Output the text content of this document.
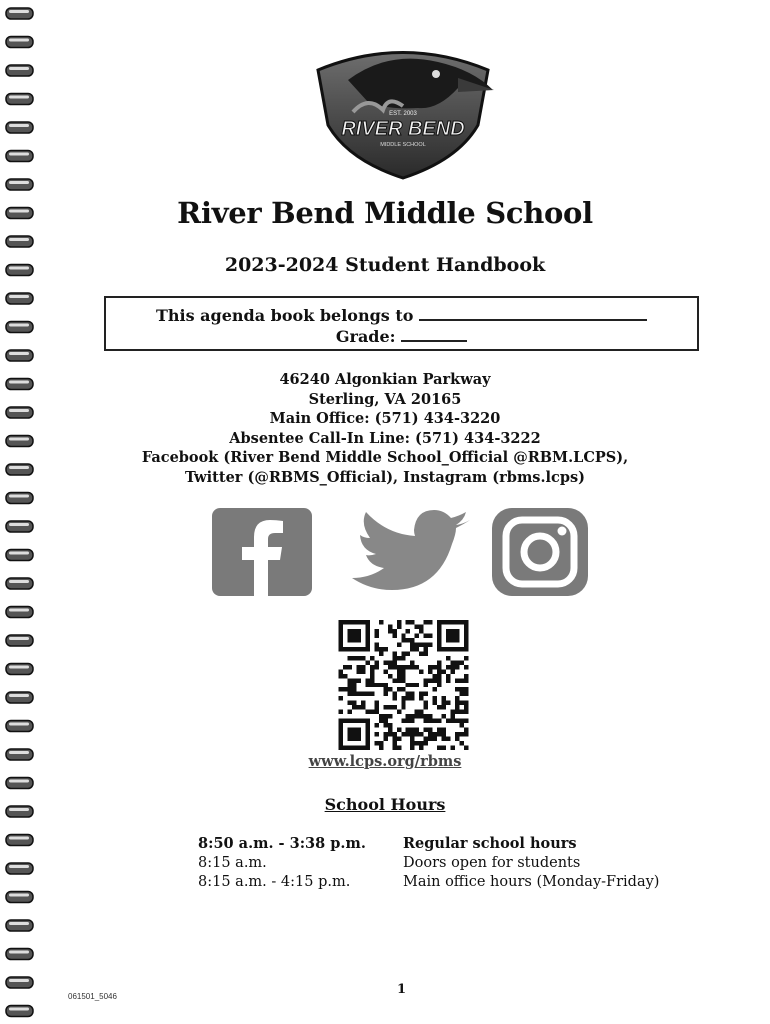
EST. 2003
RIVER BEND
MIDDLE SCHOOL
River Bend Middle School
2023-2024 Student Handbook
This agenda book belongs to
Grade:
46240 Algonkian Parkway
Sterling, VA 20165
Main Office: (571) 434-3220
Absentee Call-In Line: (571) 434-3222
Facebook (River Bend Middle School_Official @RBM.LCPS),
Twitter (@RBMS_Official), Instagram (rbms.lcps)
www.lcps.org/rbms
School Hours
8:50 a.m. - 3:38 p.m.	Regular school hours
8:15 a.m.	Doors open for students
8:15 a.m. - 4:15 p.m.	Main office hours (Monday-Friday)
1
061501_5046
